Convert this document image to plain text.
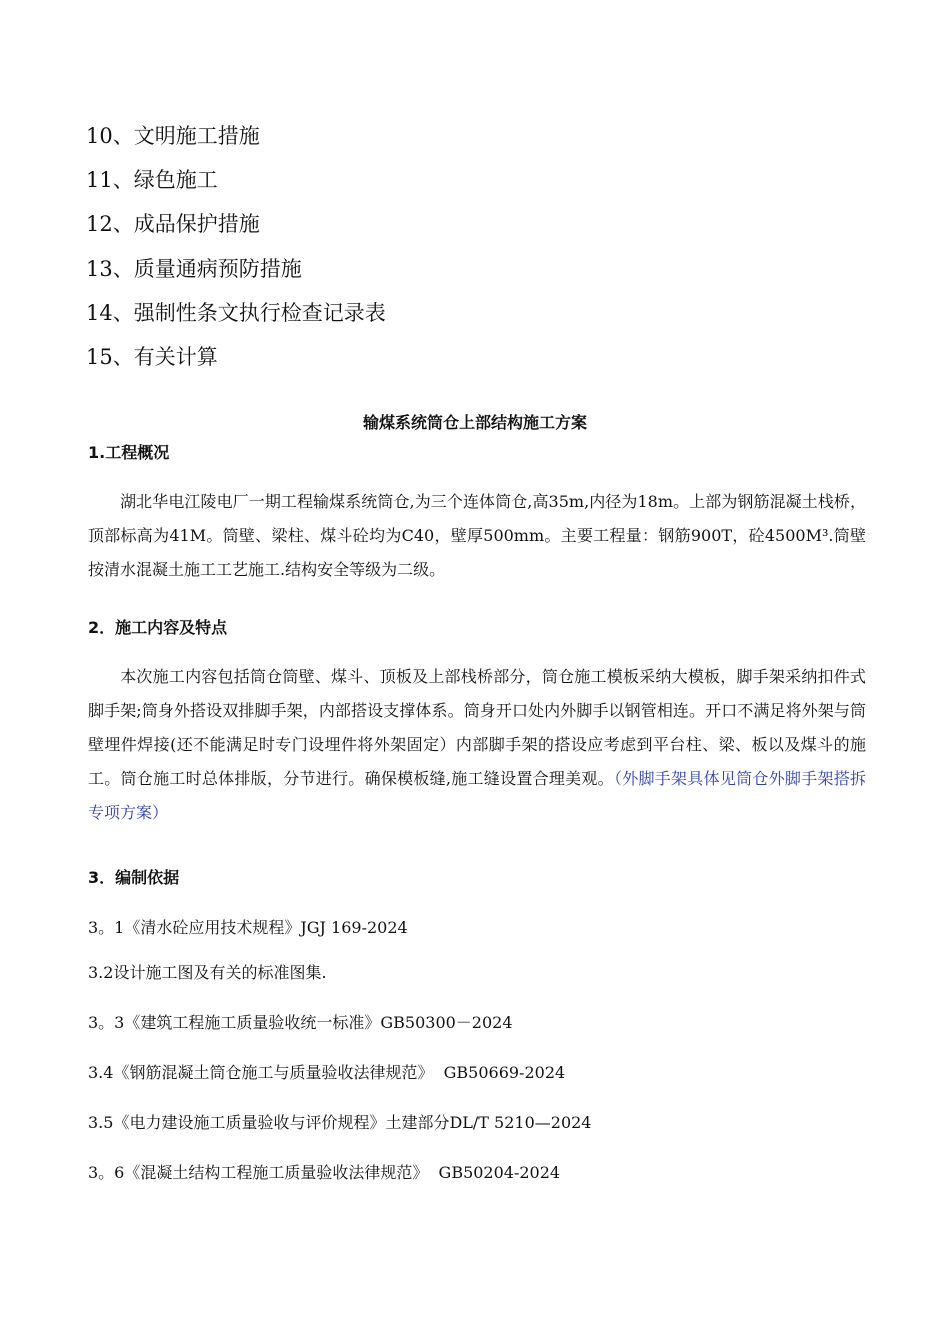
10、文明施工措施
11、绿色施工
12、成品保护措施
13、质量通病预防措施
14、强制性条文执行检查记录表
15、有关计算
输煤系统筒仓上部结构施工方案
1.工程概况
湖北华电江陵电厂一期工程输煤系统筒仓,为三个连体筒仓,高35m,内径为18m。上部为钢筋混凝土栈桥，顶部标高为41M。筒壁、梁柱、煤斗砼均为C40，壁厚500mm。主要工程量：钢筋900T，砼4500M³.筒壁按清水混凝土施工工艺施工.结构安全等级为二级。
2．施工内容及特点
本次施工内容包括筒仓筒壁、煤斗、顶板及上部栈桥部分，筒仓施工模板采纳大模板，脚手架采纳扣件式脚手架;筒身外搭设双排脚手架，内部搭设支撑体系。筒身开口处内外脚手以钢管相连。开口不满足将外架与筒壁埋件焊接(还不能满足时专门设埋件将外架固定）内部脚手架的搭设应考虑到平台柱、梁、板以及煤斗的施工。筒仓施工时总体排版，分节进行。确保模板缝,施工缝设置合理美观。（外脚手架具体见筒仓外脚手架搭拆专项方案）
3．编制依据
3。1《清水砼应用技术规程》JGJ 169-2024
3.2设计施工图及有关的标准图集.
3。3《建筑工程施工质量验收统一标准》GB50300－2024
3.4《钢筋混凝土筒仓施工与质量验收法律规范》  GB50669-2024
3.5《电力建设施工质量验收与评价规程》土建部分DL/T 5210—2024
3。6《混凝土结构工程施工质量验收法律规范》  GB50204-2024
